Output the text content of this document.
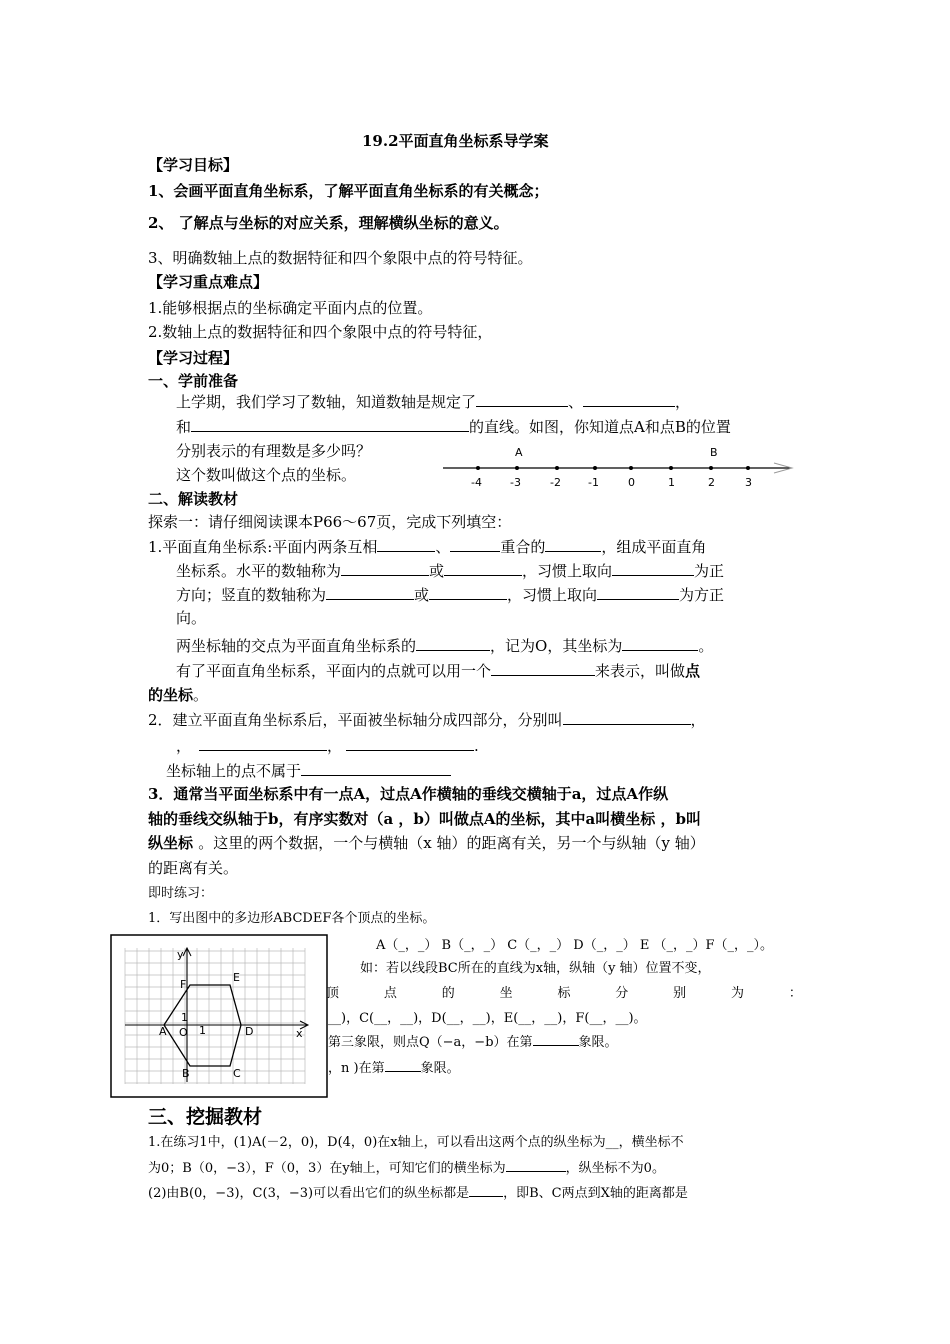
19.2平面直角坐标系导学案
【学习目标】
1、会画平面直角坐标系，了解平面直角坐标系的有关概念；
2、 了解点与坐标的对应关系，理解横纵坐标的意义。
3、明确数轴上点的数据特征和四个象限中点的符号特征。
【学习重点难点】
1.能够根据点的坐标确定平面内点的位置。
2.数轴上点的数据特征和四个象限中点的符号特征，
【学习过程】
一、学前准备
上学期，我们学习了数轴，知道数轴是规定了	、	，
和	的直线。如图，你知道点A和点B的位置
分别表示的有理数是多少吗？
这个数叫做这个点的坐标。	-4	-3	-2 -1	0	1	2	3
A	B
二、解读教材
探索一：请仔细阅读课本P66～67页，完成下列填空：
1.平面直角坐标系:平面内两条互相	、	重合的	，组成平面直角
坐标系。水平的数轴称为	或	，习惯上取向	为正
方向；竖直的数轴称为	或	，习惯上取向	为方正
向。
两坐标轴的交点为平面直角坐标系的	，记为O，其坐标为	。
有了平面直角坐标系，平面内的点就可以用一个	来表示，叫做点
的坐标。
2．建立平面直角坐标系后，平面被坐标轴分成四部分，分别叫	，
，	，	.
坐标轴上的点不属于
3．通常当平面坐标系中有一点A，过点A作横轴的垂线交横轴于a，过点A作纵
轴的垂线交纵轴于b，有序实数对（a ，b）叫做点A的坐标，其中a叫横坐标 ，b叫
纵坐标 。这里的两个数据，一个与横轴（x 轴）的距离有关，另一个与纵轴（y 轴）
的距离有关。
即时练习：
1．写出图中的多边形ABCDEF各个顶点的坐标。
y
x
O 1
1
A
B	C
D
E
F
A（_，_） B（_，_） C（_，_） D（_，_） E （_，_）F（_，_）。
如：若以线段BC所在的直线为x轴，纵轴（y 轴）位置不变，
顶	点	的	坐	标	分	别	为	：
__)，C(__，__)，D(__，__)，E(__，__)，F(__，__)。
第三象限，则点Q（−a，−b）在第	象限。
，n )在第	象限。
三、挖掘教材
1.在练习1中，(1)A(－2，0)，D(4，0)在x轴上，可以看出这两个点的纵坐标为__，横坐标不
为0；B（0，−3），F（0，3）在y轴上，可知它们的横坐标为	，纵坐标不为0。
(2)由B(0，−3)，C(3，−3)可以看出它们的纵坐标都是	，即B、C两点到X轴的距离都是
